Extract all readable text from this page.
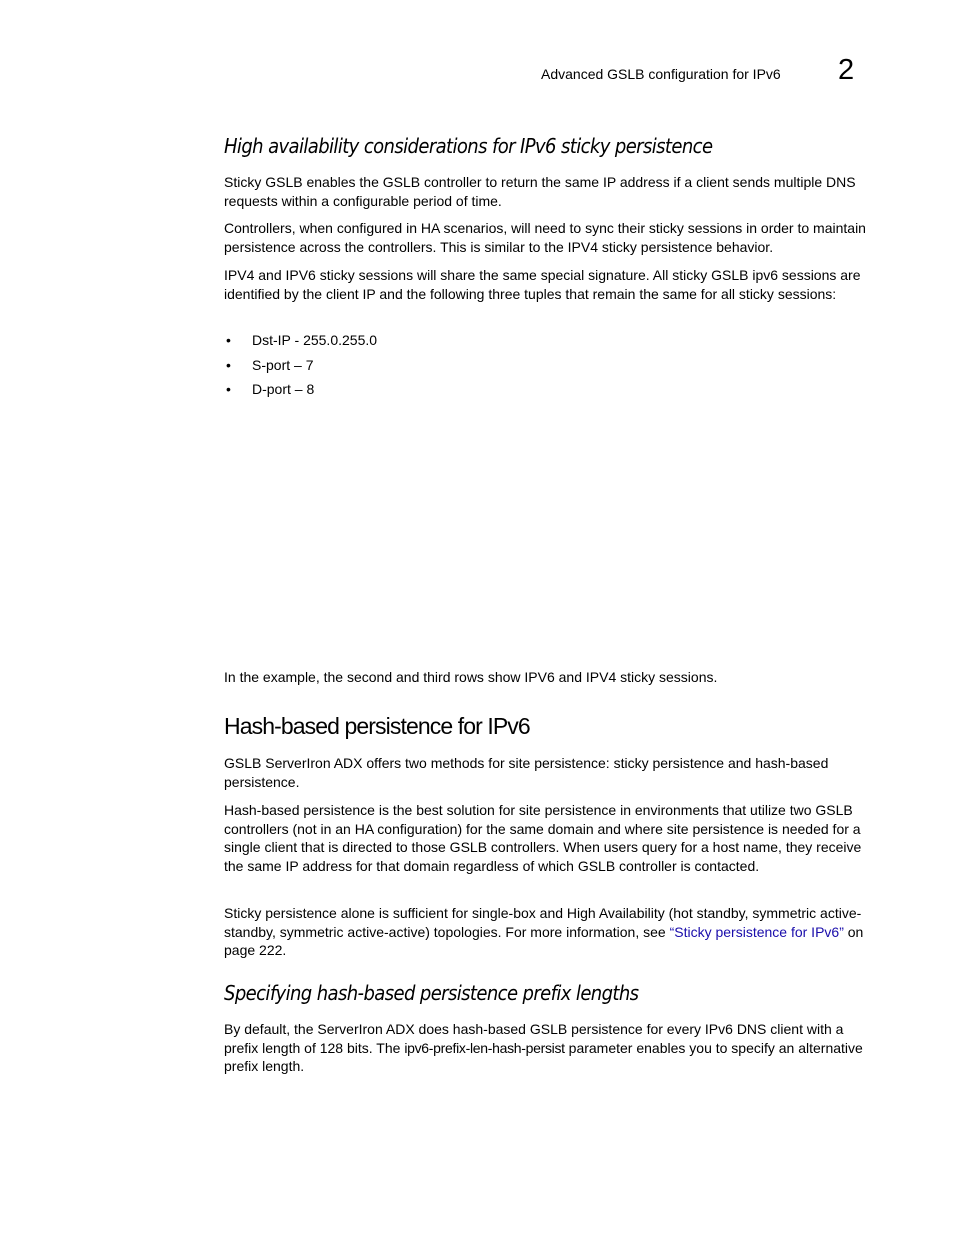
Advanced GSLB configuration for IPv6 2
High availability considerations for IPv6 sticky persistence

Sticky GSLB enables the GSLB controller to return the same IP address if a client sends multiple DNS requests within a configurable period of time.

Controllers, when configured in HA scenarios, will need to sync their sticky sessions in order to maintain persistence across the controllers. This is similar to the IPV4 sticky persistence behavior.

IPV4 and IPV6 sticky sessions will share the same special signature. All sticky GSLB ipv6 sessions are identified by the client IP and the following three tuples that remain the same for all sticky sessions:

• Dst-IP - 255.0.255.0
• S-port – 7
• D-port – 8

In the example, the second and third rows show IPV6 and IPV4 sticky sessions.

Hash-based persistence for IPv6

GSLB ServerIron ADX offers two methods for site persistence: sticky persistence and hash-based persistence.

Hash-based persistence is the best solution for site persistence in environments that utilize two GSLB controllers (not in an HA configuration) for the same domain and where site persistence is needed for a single client that is directed to those GSLB controllers. When users query for a host name, they receive the same IP address for that domain regardless of which GSLB controller is contacted.

Sticky persistence alone is sufficient for single-box and High Availability (hot standby, symmetric active-standby, symmetric active-active) topologies. For more information, see “Sticky persistence for IPv6” on page 222.

Specifying hash-based persistence prefix lengths

By default, the ServerIron ADX does hash-based GSLB persistence for every IPv6 DNS client with a prefix length of 128 bits. The ipv6-prefix-len-hash-persist parameter enables you to specify an alternative prefix length.
